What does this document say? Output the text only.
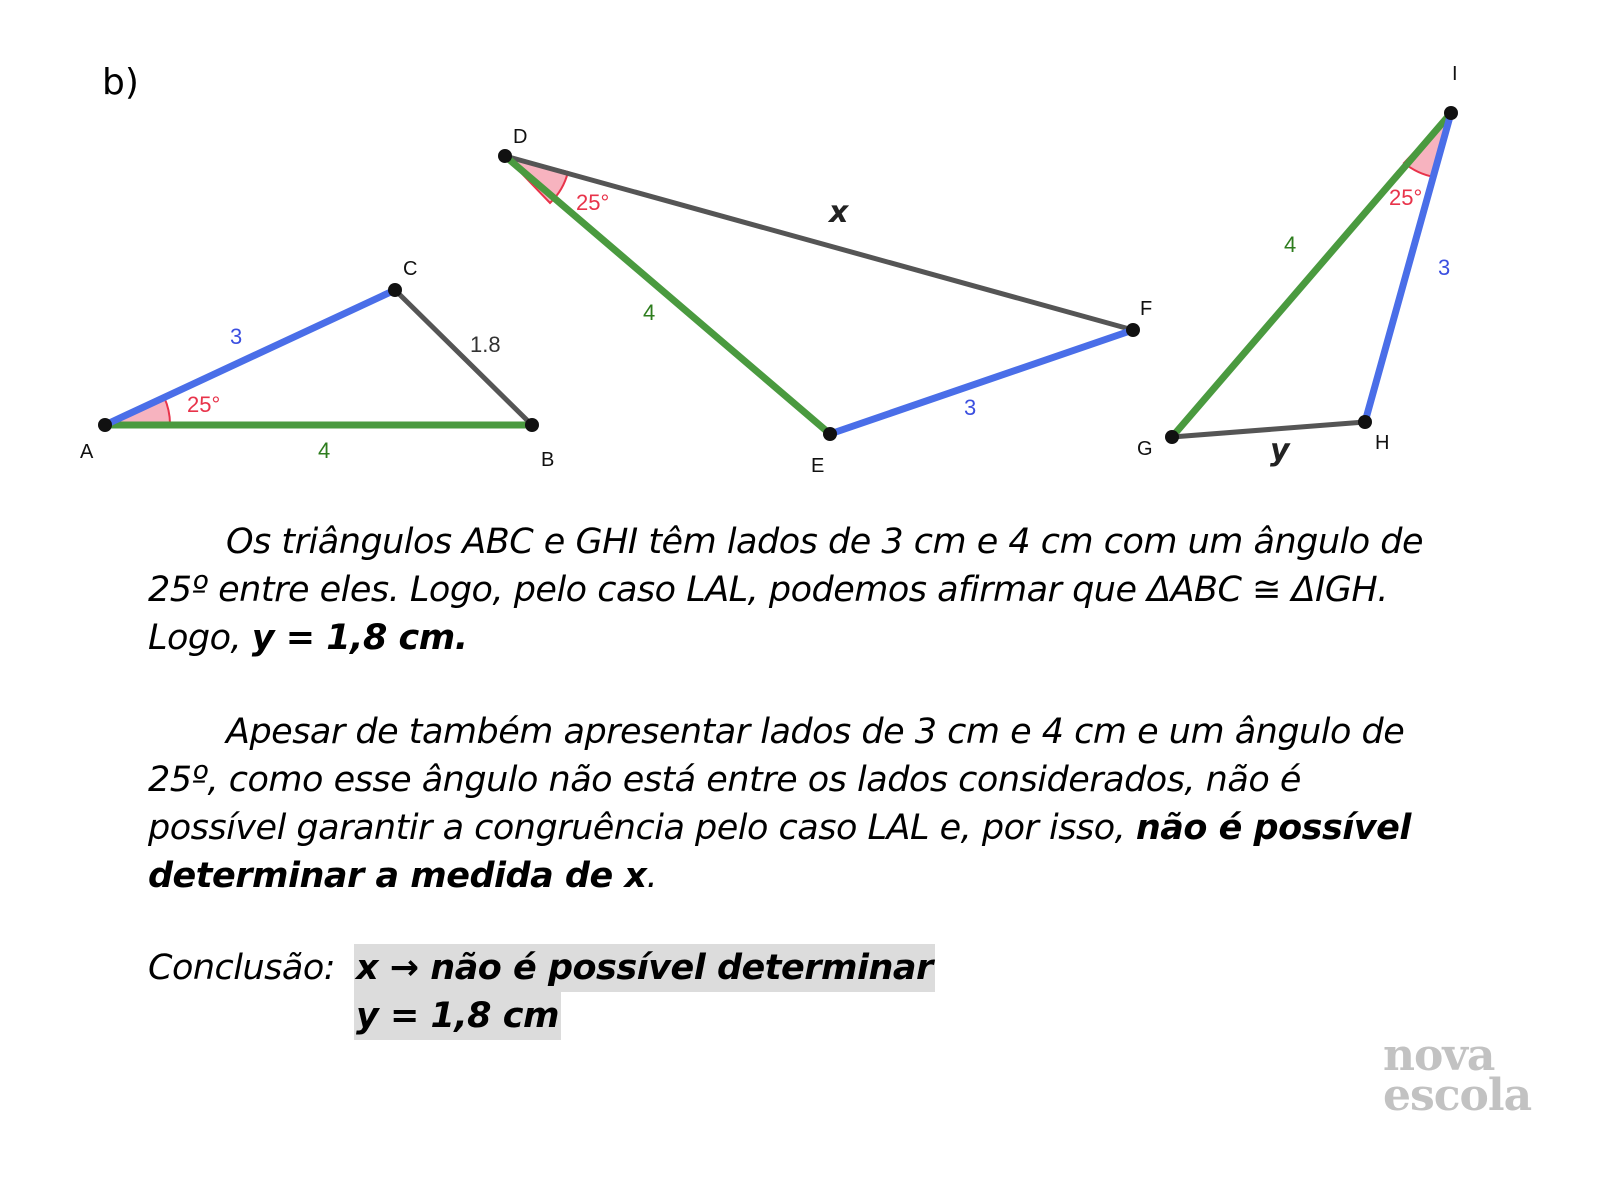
b)
A	B
C
3	1.8
4
25°
D
E
F
x
4
3
25°
G	H
I
4
3
y
25°
Os triângulos ABC e GHI têm lados de 3 cm e 4 cm com um ângulo de 25º entre eles. Logo, pelo caso LAL, podemos afirmar que ΔABC ≅ ΔIGH. Logo, y = 1,8 cm.
Apesar de também apresentar lados de 3 cm e 4 cm e um ângulo de 25º, como esse ângulo não está entre os lados considerados, não é possível garantir a congruência pelo caso LAL e, por isso, não é possível determinar a medida de x.
Conclusão: x → não é possível determinar
y = 1,8 cm
nova
escola
